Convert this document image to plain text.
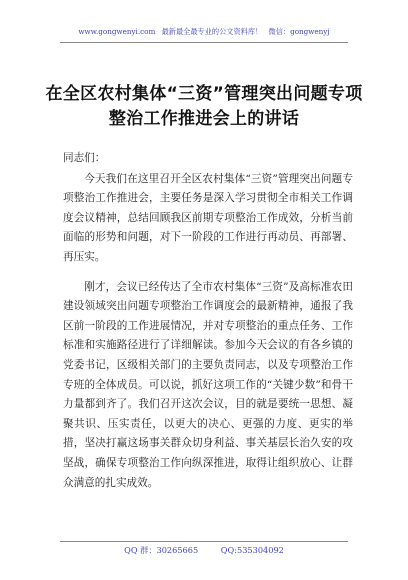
www.gongwenyi.com 最新最全最专业的公文资料库！ 微信：gongwenyj
在全区农村集体“三资”管理突出问题专项整治工作推进会上的讲话

同志们：

今天我们在这里召开全区农村集体“三资”管理突出问题专项整治工作推进会，主要任务是深入学习贯彻全市相关工作调度会议精神，总结回顾我区前期专项整治工作成效，分析当前面临的形势和问题，对下一阶段的工作进行再动员、再部署、再压实。

刚才，会议已经传达了全市农村集体“三资”及高标准农田建设领域突出问题专项整治工作调度会的最新精神，通报了我区前一阶段的工作进展情况，并对专项整治的重点任务、工作标准和实施路径进行了详细解读。参加今天会议的有各乡镇的党委书记，区级相关部门的主要负责同志，以及专项整治工作专班的全体成员。可以说，抓好这项工作的“关键少数”和骨干力量都到齐了。我们召开这次会议，目的就是要统一思想、凝聚共识、压实责任，以更大的决心、更强的力度、更实的举措，坚决打赢这场事关群众切身利益、事关基层长治久安的攻坚战，确保专项整治工作向纵深推进，取得让组织放心、让群众满意的扎实成效。

QQ 群：30265665	QQ:535304092
